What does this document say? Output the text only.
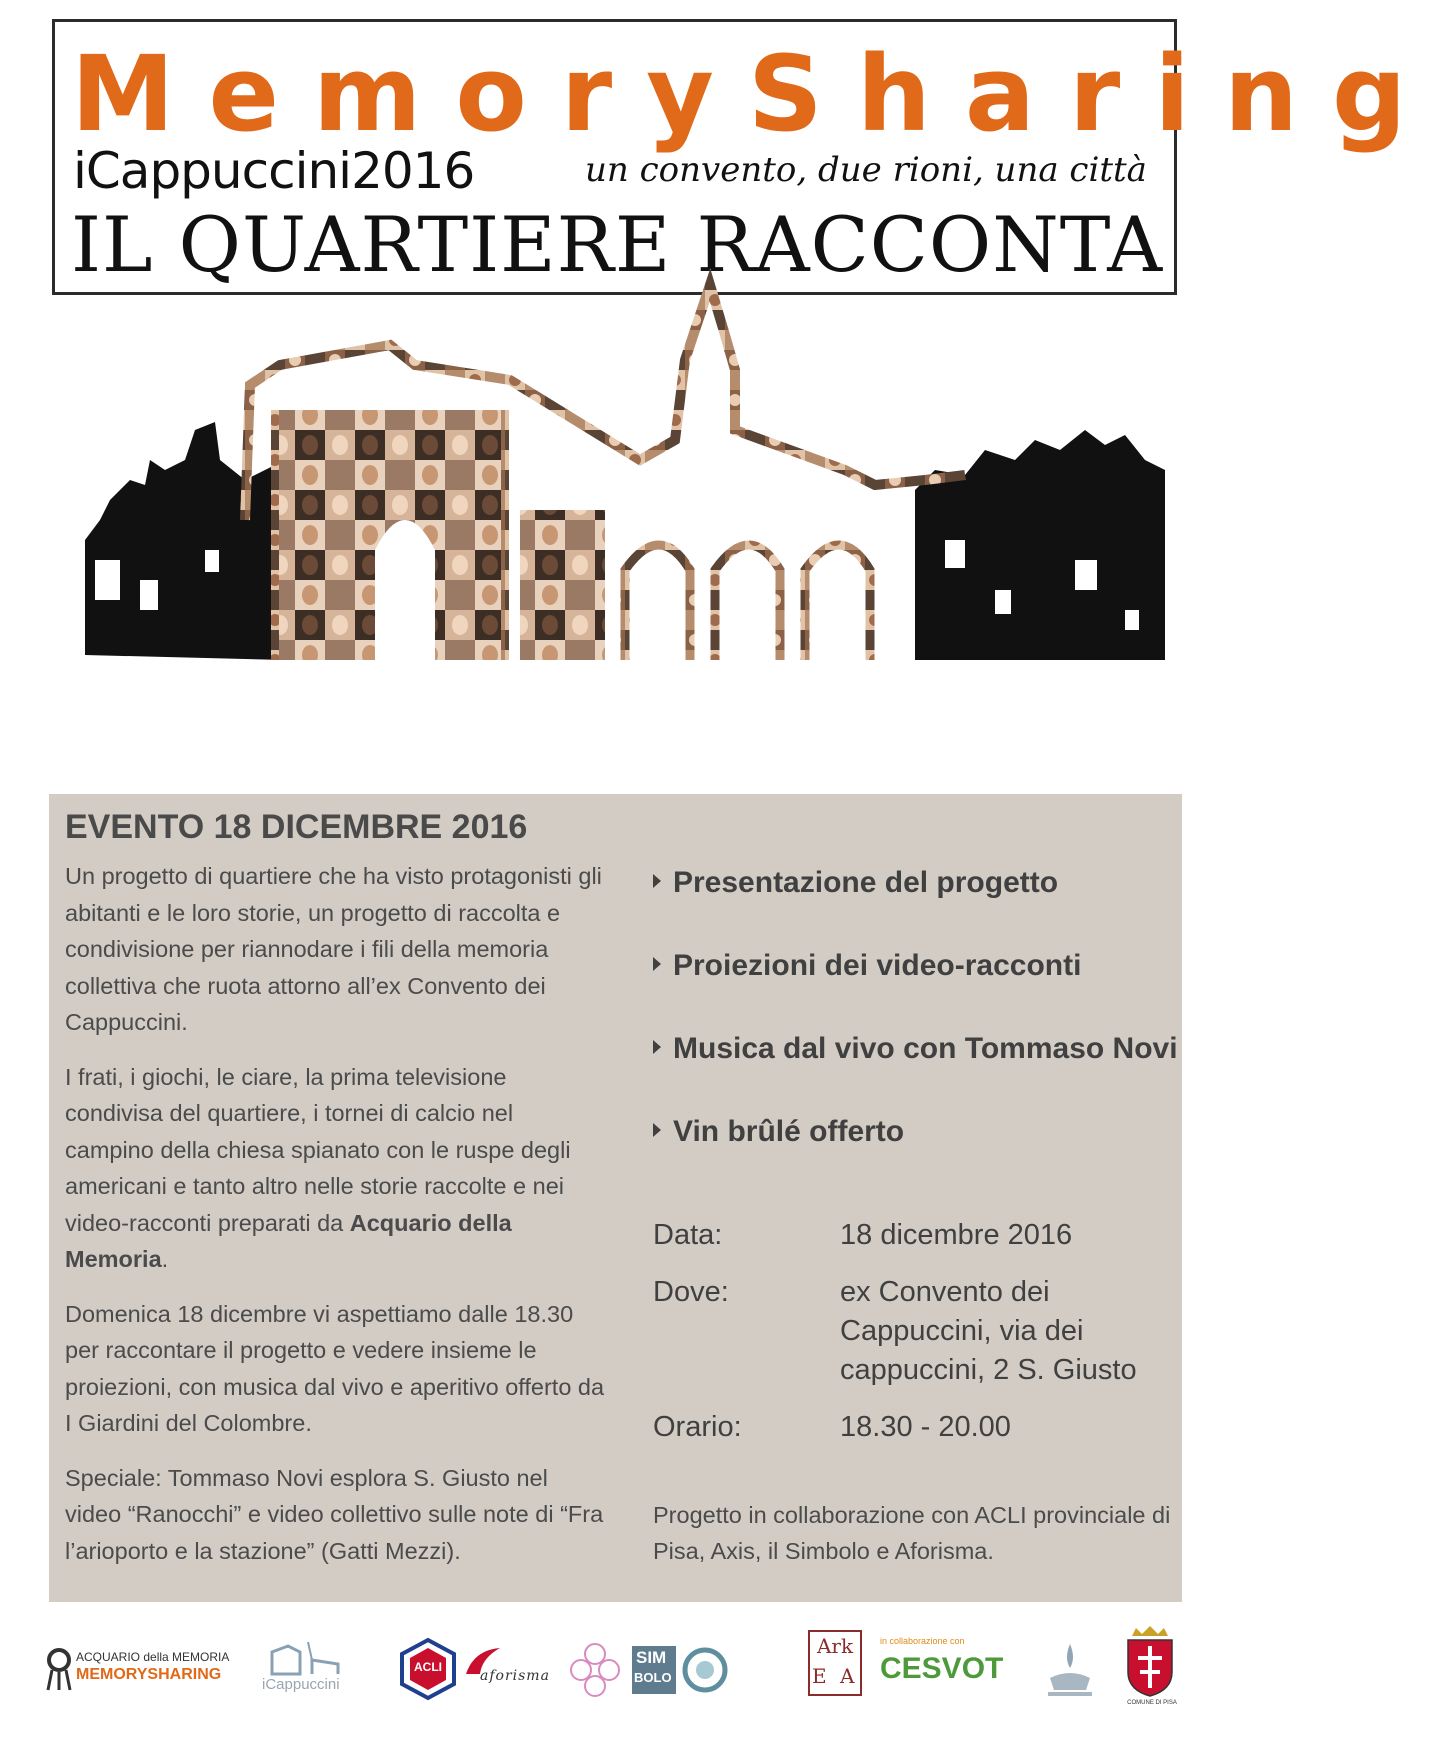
MemorySharing
iCappuccini2016	un convento, due rioni, una città
IL QUARTIERE RACCONTA
EVENTO 18 DICEMBRE 2016

Un progetto di quartiere che ha visto protagonisti gli abitanti e le loro storie, un progetto di raccolta e condivisione per riannodare i fili della memoria collettiva che ruota attorno all’ex Convento dei Cappuccini.

I frati, i giochi, le ciare, la prima televisione condivisa del quartiere, i tornei di calcio nel campino della chiesa spianato con le ruspe degli americani e tanto altro nelle storie raccolte e nei video-racconti preparati da Acquario della Memoria.

Domenica 18 dicembre vi aspettiamo dalle 18.30 per raccontare il progetto e vedere insieme le proiezioni, con musica dal vivo e aperitivo offerto da I Giardini del Colombre.

Speciale: Tommaso Novi esplora S. Giusto nel video “Ranocchi” e video collettivo sulle note di “Fra l’arioporto e la stazione” (Gatti Mezzi).

Presentazione del progetto
Proiezioni dei video-racconti
Musica dal vivo con Tommaso Novi
Vin brûlé offerto
Data:	18 dicembre 2016
Dove:	ex Convento dei Cappuccini, via dei cappuccini, 2 S. Giusto
Orario:	18.30 - 20.00
Progetto in collaborazione con ACLI provinciale di Pisa, Axis, il Simbolo e Aforisma.
ACQUARIO della MEMORIA
MEMORYSHARING
iCappuccini
ACLI
aforisma
SIM
BOLO
Ark
E A
in collaborazione con
CESVOT
COMUNE DI PISA
